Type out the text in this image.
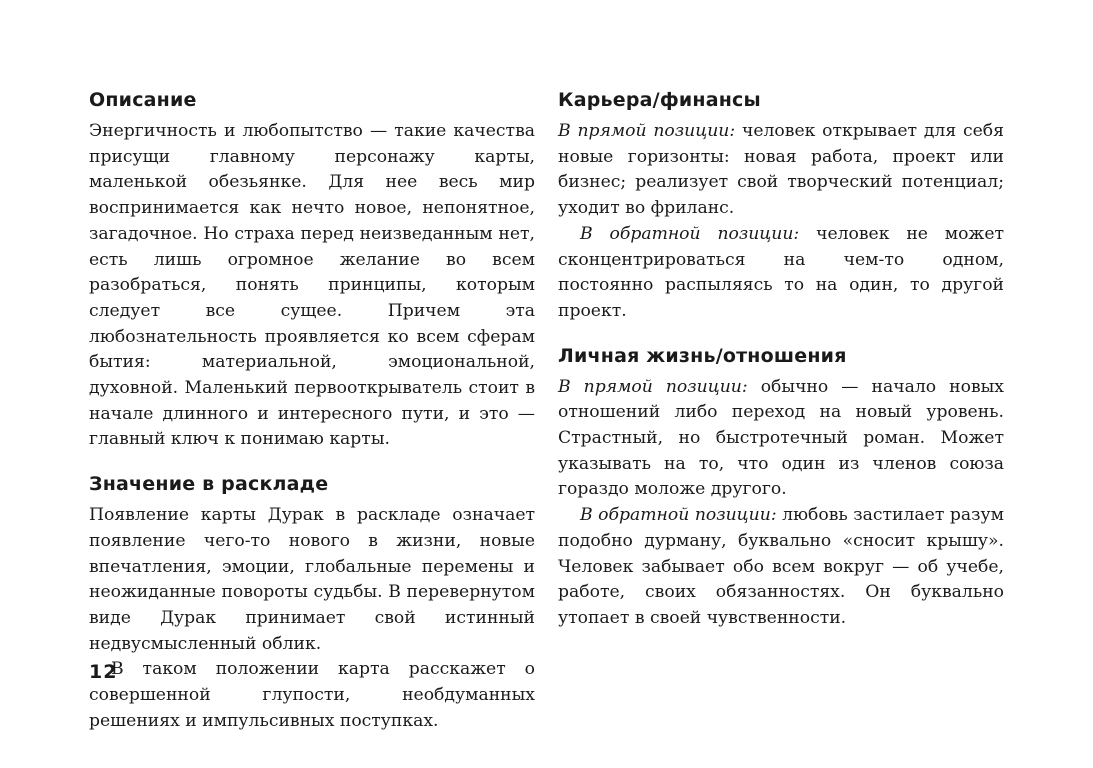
Описание

Энергичность и любопытство — такие качества присущи главному персонажу карты, маленькой обезьянке. Для нее весь мир воспринимается как нечто новое, непонятное, загадочное. Но страха перед неизведанным нет, есть лишь огромное желание во всем разобраться, понять принципы, которым следует все сущее. Причем эта любознательность проявляется ко всем сферам бытия: материальной, эмоциональной, духовной. Маленький первооткрыватель стоит в начале длинного и интересного пути, и это — главный ключ к понимаю карты.

Значение в раскладе

Появление карты Дурак в раскладе означает появление чего-то нового в жизни, новые впечатления, эмоции, глобальные перемены и неожиданные повороты судьбы. В перевернутом виде Дурак принимает свой истинный недвусмысленный облик.

В таком положении карта расскажет о совершенной глупости, необдуманных решениях и импульсивных поступках.

Карьера/финансы

В прямой позиции: человек открывает для себя новые горизонты: новая работа, проект или бизнес; реализует свой творческий потенциал; уходит во фриланс.

В обратной позиции: человек не может сконцентрироваться на чем-то одном, постоянно распыляясь то на один, то другой проект.

Личная жизнь/отношения

В прямой позиции: обычно — начало новых отношений либо переход на новый уровень. Страстный, но быстротечный роман. Может указывать на то, что один из членов союза гораздо моложе другого.

В обратной позиции: любовь застилает разум подобно дурману, буквально «сносит крышу». Человек забывает обо всем вокруг — об учебе, работе, своих обязанностях. Он буквально утопает в своей чувственности.

12
